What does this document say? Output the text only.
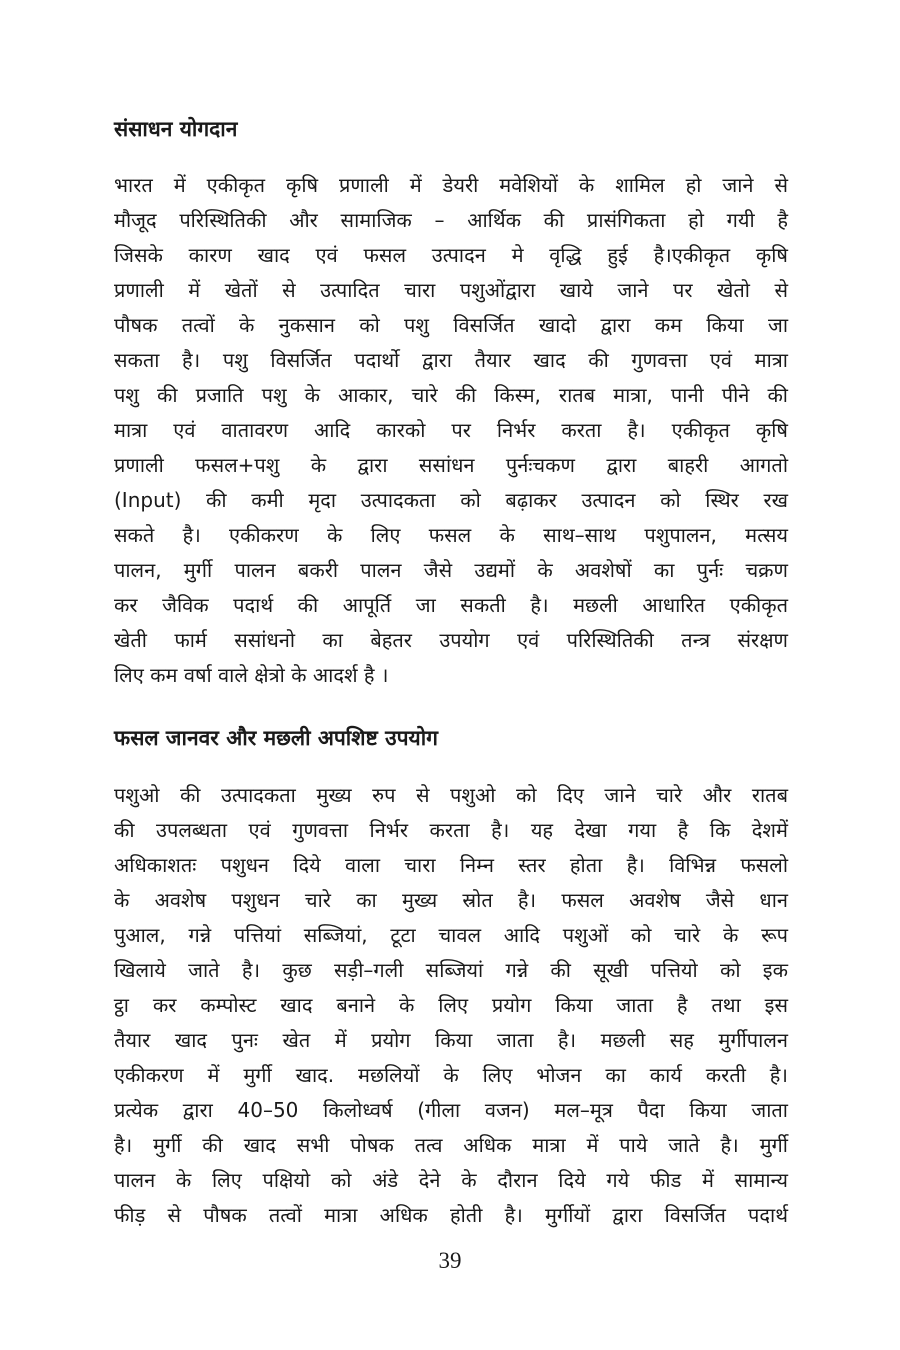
संसाधन योगदान
भारत में एकीकृत कृषि प्रणाली में डेयरी मवेशियों के शामिल हो जाने से
मौजूद परिस्थितिकी और सामाजिक – आर्थिक की प्रासंगिकता हो गयी है
जिसके कारण खाद एवं फसल उत्पादन मे वृद्धि हुई है।एकीकृत कृषि
प्रणाली में खेतों से उत्पादित चारा पशुओंद्वारा खाये जाने पर खेतो से
पौषक तत्वों के नुकसान को पशु विसर्जित खादो द्वारा कम किया जा
सकता है। पशु विसर्जित पदार्थो द्वारा तैयार खाद की गुणवत्ता एवं मात्रा
पशु की प्रजाति पशु के आकार, चारे की किस्म, रातब मात्रा, पानी पीने की
मात्रा एवं वातावरण आदि कारको पर निर्भर करता है। एकीकृत कृषि
प्रणाली फसल+पशु के द्वारा ससांधन पुर्नःचकण द्वारा बाहरी आगतो
(Input) की कमी मृदा उत्पादकता को बढ़ाकर उत्पादन को स्थिर रख
सकते है। एकीकरण के लिए फसल के साथ–साथ पशुपालन, मत्सय
पालन, मुर्गी पालन बकरी पालन जैसे उद्यमों के अवशेषों का पुर्नः चक्रण
कर जैविक पदार्थ की आपूर्ति जा सकती है। मछली आधारित एकीकृत
खेती फार्म ससांधनो का बेहतर उपयोग एवं परिस्थितिकी तन्त्र संरक्षण
लिए कम वर्षा वाले क्षेत्रो के आदर्श है ।
फसल जानवर और मछली अपशिष्ट उपयोग
पशुओ की उत्पादकता मुख्य रुप से पशुओ को दिए जाने चारे और रातब
की उपलब्धता एवं गुणवत्ता निर्भर करता है। यह देखा गया है कि देशमें
अधिकाशतः पशुधन दिये वाला चारा निम्न स्तर होता है। विभिन्न फसलो
के अवशेष पशुधन चारे का मुख्य स्रोत है। फसल अवशेष जैसे धान
पुआल, गन्ने पत्तियां सब्जियां, टूटा चावल आदि पशुओं को चारे के रूप
खिलाये जाते है। कुछ सड़ी–गली सब्जियां गन्ने की सूखी पत्तियो को इक
ट्ठा कर कम्पोस्ट खाद बनाने के लिए प्रयोग किया जाता है तथा इस
तैयार खाद पुनः खेत में प्रयोग किया जाता है। मछली सह मुर्गीपालन
एकीकरण में मुर्गी खाद. मछलियों के लिए भोजन का कार्य करती है।
प्रत्येक द्वारा 40–50 किलोध्वर्ष (गीला वजन) मल–मूत्र पैदा किया जाता
है। मुर्गी की खाद सभी पोषक तत्व अधिक मात्रा में पाये जाते है। मुर्गी
पालन के लिए पक्षियो को अंडे देने के दौरान दिये गये फीड में सामान्य
फीड़ से पौषक तत्वों मात्रा अधिक होती है। मुर्गीयों द्वारा विसर्जित पदार्थ
39
